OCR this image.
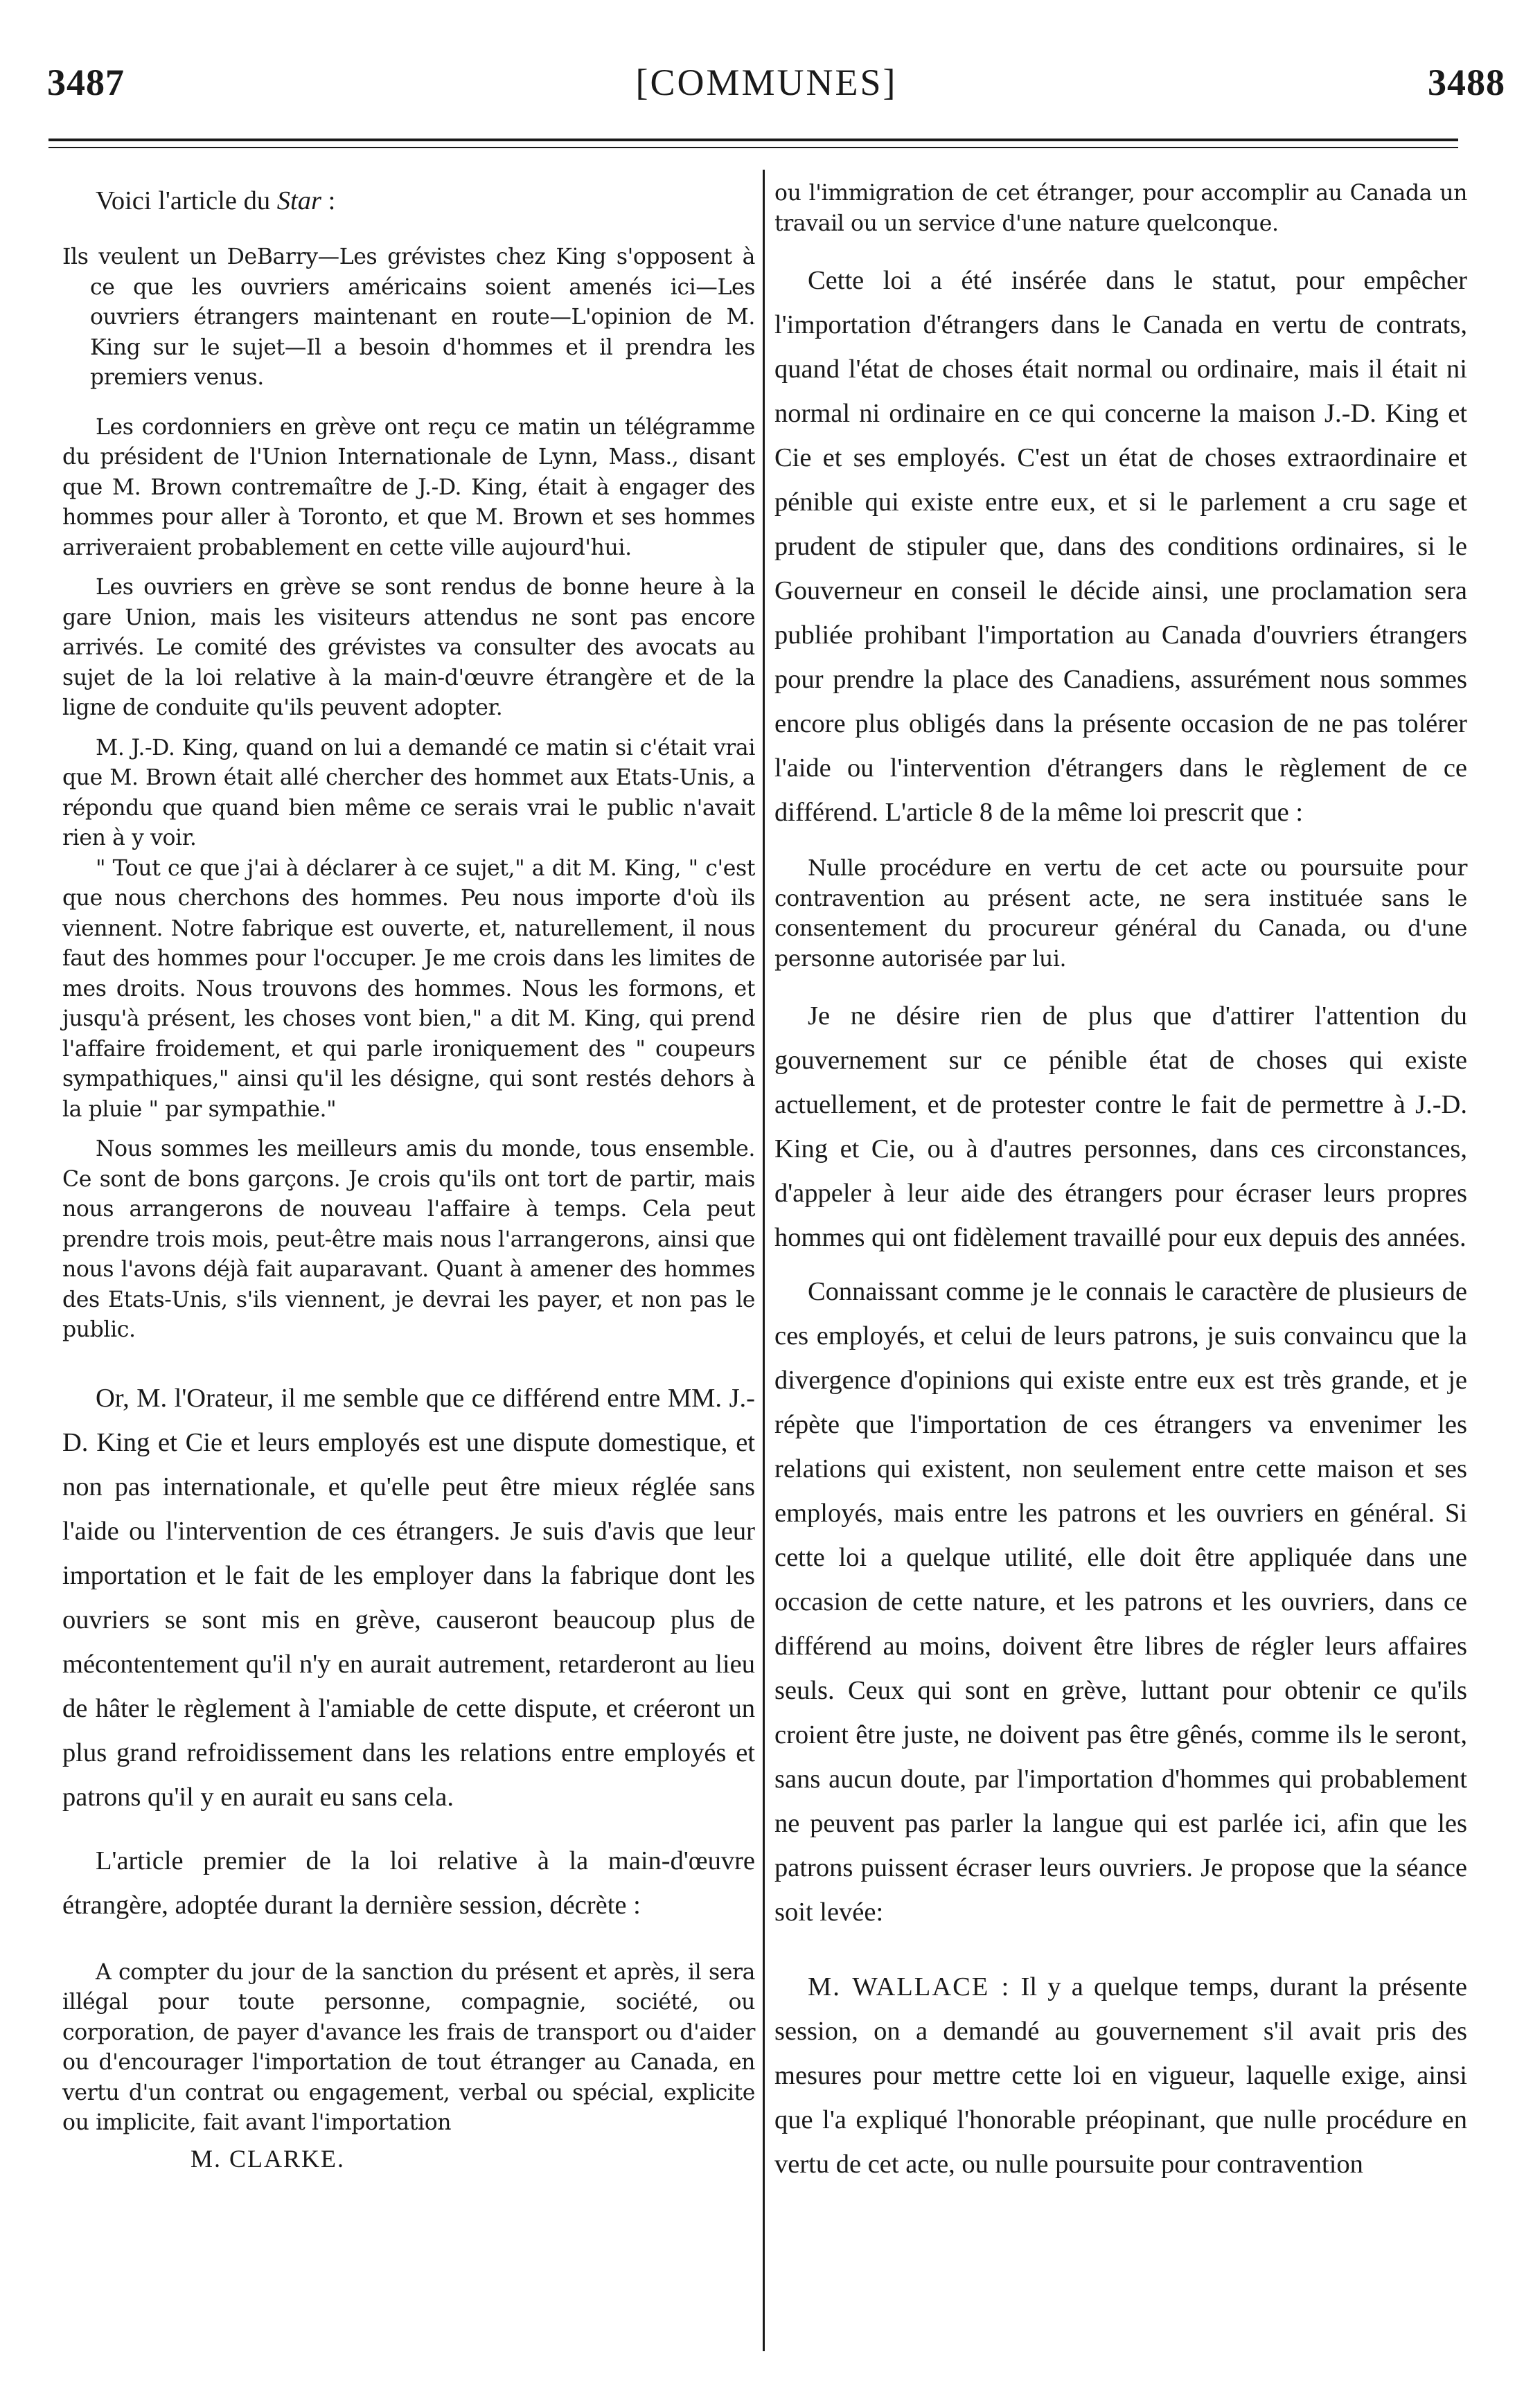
3487	[COMMUNES]	3488

Voici l'article du Star :

Ils veulent un DeBarry—Les grévistes chez King s'opposent à ce que les ouvriers américains soient amenés ici—Les ouvriers étrangers maintenant en route—L'opinion de M. King sur le sujet—Il a besoin d'hommes et il prendra les premiers venus.

Les cordonniers en grève ont reçu ce matin un télégramme du président de l'Union Internationale de Lynn, Mass., disant que M. Brown contremaître de J.-D. King, était à engager des hommes pour aller à Toronto, et que M. Brown et ses hommes arriveraient probablement en cette ville aujourd'hui.

Les ouvriers en grève se sont rendus de bonne heure à la gare Union, mais les visiteurs attendus ne sont pas encore arrivés. Le comité des grévistes va consulter des avocats au sujet de la loi relative à la main-d'œuvre étrangère et de la ligne de conduite qu'ils peuvent adopter.

M. J.-D. King, quand on lui a demandé ce matin si c'était vrai que M. Brown était allé chercher des hommet aux Etats-Unis, a répondu que quand bien même ce serais vrai le public n'avait rien à y voir.

" Tout ce que j'ai à déclarer à ce sujet," a dit M. King, " c'est que nous cherchons des hommes. Peu nous importe d'où ils viennent. Notre fabrique est ouverte, et, naturellement, il nous faut des hommes pour l'occuper. Je me crois dans les limites de mes droits. Nous trouvons des hommes. Nous les formons, et jusqu'à présent, les choses vont bien," a dit M. King, qui prend l'affaire froidement, et qui parle ironiquement des " coupeurs sympathiques," ainsi qu'il les désigne, qui sont restés dehors à la pluie " par sympathie."

Nous sommes les meilleurs amis du monde, tous ensemble. Ce sont de bons garçons. Je crois qu'ils ont tort de partir, mais nous arrangerons de nouveau l'affaire à temps. Cela peut prendre trois mois, peut-être mais nous l'arrangerons, ainsi que nous l'avons déjà fait auparavant. Quant à amener des hommes des Etats-Unis, s'ils viennent, je devrai les payer, et non pas le public.

Or, M. l'Orateur, il me semble que ce différend entre MM. J.-D. King et Cie et leurs employés est une dispute domestique, et non pas internationale, et qu'elle peut être mieux réglée sans l'aide ou l'intervention de ces étrangers. Je suis d'avis que leur importation et le fait de les employer dans la fabrique dont les ouvriers se sont mis en grève, causeront beaucoup plus de mécontentement qu'il n'y en aurait autrement, retarderont au lieu de hâter le règlement à l'amiable de cette dispute, et créeront un plus grand refroidissement dans les relations entre employés et patrons qu'il y en aurait eu sans cela.

L'article premier de la loi relative à la main-d'œuvre étrangère, adoptée durant la dernière session, décrète :

A compter du jour de la sanction du présent et après, il sera illégal pour toute personne, compagnie, société, ou corporation, de payer d'avance les frais de transport ou d'aider ou d'encourager l'importation de tout étranger au Canada, en vertu d'un contrat ou engagement, verbal ou spécial, explicite ou implicite, fait avant l'importation

M. CLARKE.

ou l'immigration de cet étranger, pour accomplir au Canada un travail ou un service d'une nature quelconque.

Cette loi a été insérée dans le statut, pour empêcher l'importation d'étrangers dans le Canada en vertu de contrats, quand l'état de choses était normal ou ordinaire, mais il était ni normal ni ordinaire en ce qui concerne la maison J.-D. King et Cie et ses employés. C'est un état de choses extraordinaire et pénible qui existe entre eux, et si le parlement a cru sage et prudent de stipuler que, dans des conditions ordinaires, si le Gouverneur en conseil le décide ainsi, une proclamation sera publiée prohibant l'importation au Canada d'ouvriers étrangers pour prendre la place des Canadiens, assurément nous sommes encore plus obligés dans la présente occasion de ne pas tolérer l'aide ou l'intervention d'étrangers dans le règlement de ce différend. L'article 8 de la même loi prescrit que :

Nulle procédure en vertu de cet acte ou poursuite pour contravention au présent acte, ne sera instituée sans le consentement du procureur général du Canada, ou d'une personne autorisée par lui.

Je ne désire rien de plus que d'attirer l'attention du gouvernement sur ce pénible état de choses qui existe actuellement, et de protester contre le fait de permettre à J.-D. King et Cie, ou à d'autres personnes, dans ces circonstances, d'appeler à leur aide des étrangers pour écraser leurs propres hommes qui ont fidèlement travaillé pour eux depuis des années.

Connaissant comme je le connais le caractère de plusieurs de ces employés, et celui de leurs patrons, je suis convaincu que la divergence d'opinions qui existe entre eux est très grande, et je répète que l'importation de ces étrangers va envenimer les relations qui existent, non seulement entre cette maison et ses employés, mais entre les patrons et les ouvriers en général. Si cette loi a quelque utilité, elle doit être appliquée dans une occasion de cette nature, et les patrons et les ouvriers, dans ce différend au moins, doivent être libres de régler leurs affaires seuls. Ceux qui sont en grève, luttant pour obtenir ce qu'ils croient être juste, ne doivent pas être gênés, comme ils le seront, sans aucun doute, par l'importation d'hommes qui probablement ne peuvent pas parler la langue qui est parlée ici, afin que les patrons puissent écraser leurs ouvriers. Je propose que la séance soit levée:

M. WALLACE : Il y a quelque temps, durant la présente session, on a demandé au gouvernement s'il avait pris des mesures pour mettre cette loi en vigueur, laquelle exige, ainsi que l'a expliqué l'honorable préopinant, que nulle procédure en vertu de cet acte, ou nulle poursuite pour contravention
